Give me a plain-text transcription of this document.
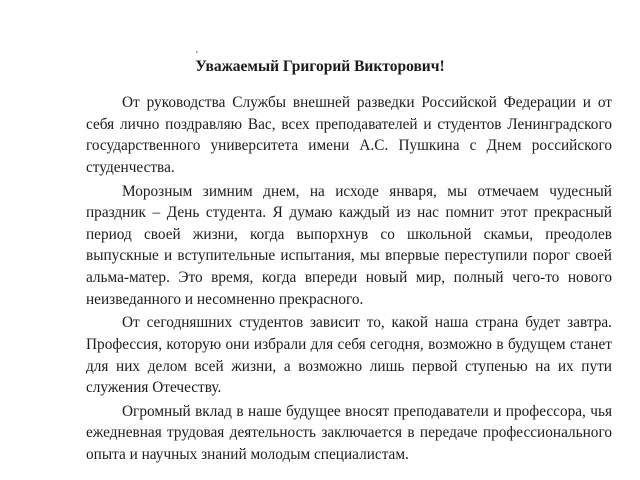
'
Уважаемый Григорий Викторович!

От руководства Службы внешней разведки Российской Федерации и от себя лично поздравляю Вас, всех преподавателей и студентов Ленинградского государственного университета имени А.С. Пушкина с Днем российского студенчества.

Морозным зимним днем, на исходе января, мы отмечаем чудесный праздник – День студента. Я думаю каждый из нас помнит этот прекрасный период своей жизни, когда выпорхнув со школьной скамьи, преодолев выпускные и вступительные испытания, мы впервые переступили порог своей альма-матер. Это время, когда впереди новый мир, полный чего-то нового неизведанного и несомненно прекрасного.

От сегодняшних студентов зависит то, какой наша страна будет завтра. Профессия, которую они избрали для себя сегодня, возможно в будущем станет для них делом всей жизни, а возможно лишь первой ступенью на их пути служения Отечеству.

Огромный вклад в наше будущее вносят преподаватели и профессора, чья ежедневная трудовая деятельность заключается в передаче профессионального опыта и научных знаний молодым специалистам.
